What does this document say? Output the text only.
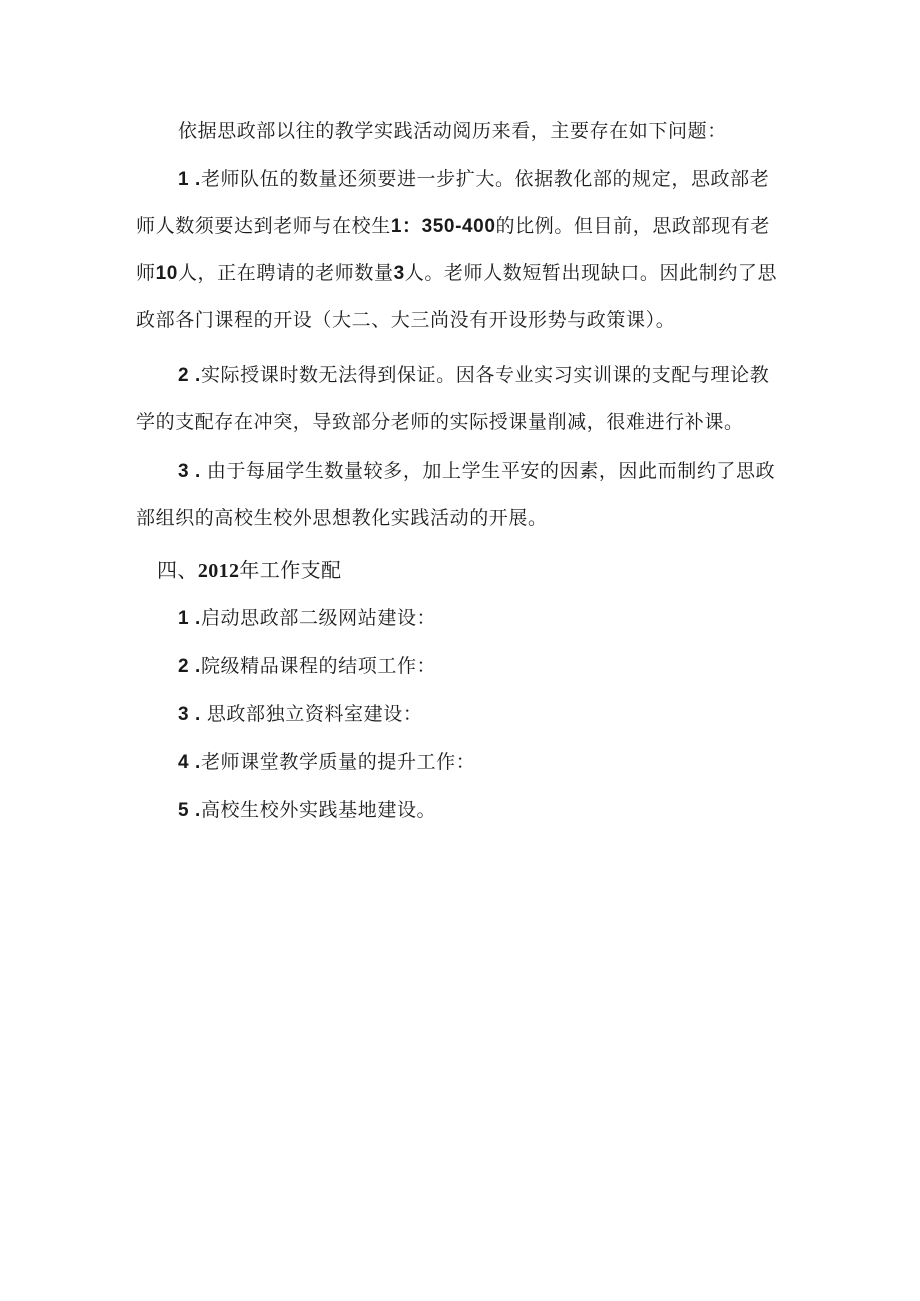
依据思政部以往的教学实践活动阅历来看，主要存在如下问题：

1 .老师队伍的数量还须要进一步扩大。依据教化部的规定，思政部老师人数须要达到老师与在校生1：350-400的比例。但目前，思政部现有老师10人，正在聘请的老师数量3人。老师人数短暂出现缺口。因此制约了思政部各门课程的开设（大二、大三尚没有开设形势与政策课）。

2 .实际授课时数无法得到保证。因各专业实习实训课的支配与理论教学的支配存在冲突，导致部分老师的实际授课量削减，很难进行补课。

3 . 由于每届学生数量较多，加上学生平安的因素，因此而制约了思政部组织的高校生校外思想教化实践活动的开展。

四、2012年工作支配

1 .启动思政部二级网站建设：

2 .院级精品课程的结项工作：

3 . 思政部独立资料室建设：

4 .老师课堂教学质量的提升工作：

5 .高校生校外实践基地建设。
